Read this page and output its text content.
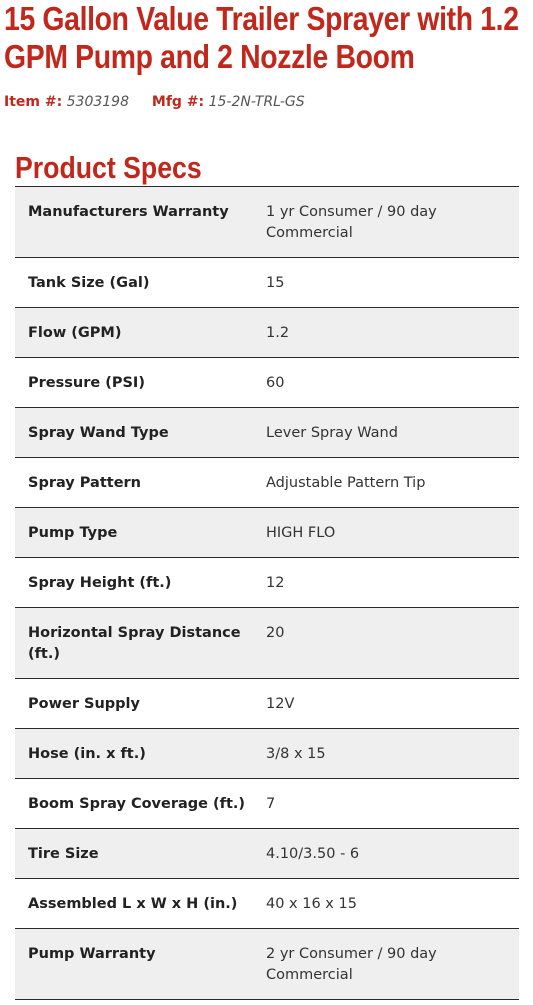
15 Gallon Value Trailer Sprayer with 1.2 GPM Pump and 2 Nozzle Boom
Item #: 5303198 Mfg #: 15-2N-TRL-GS
Product Specs
Manufacturers Warranty	1 yr Consumer / 90 day Commercial
Tank Size (Gal)	15
Flow (GPM)	1.2
Pressure (PSI)	60
Spray Wand Type	Lever Spray Wand
Spray Pattern	Adjustable Pattern Tip
Pump Type	HIGH FLO
Spray Height (ft.)	12
Horizontal Spray Distance (ft.)	20
Power Supply	12V
Hose (in. x ft.)	3/8 x 15
Boom Spray Coverage (ft.)	7
Tire Size	4.10/3.50 - 6
Assembled L x W x H (in.)	40 x 16 x 15
Pump Warranty	2 yr Consumer / 90 day Commercial
